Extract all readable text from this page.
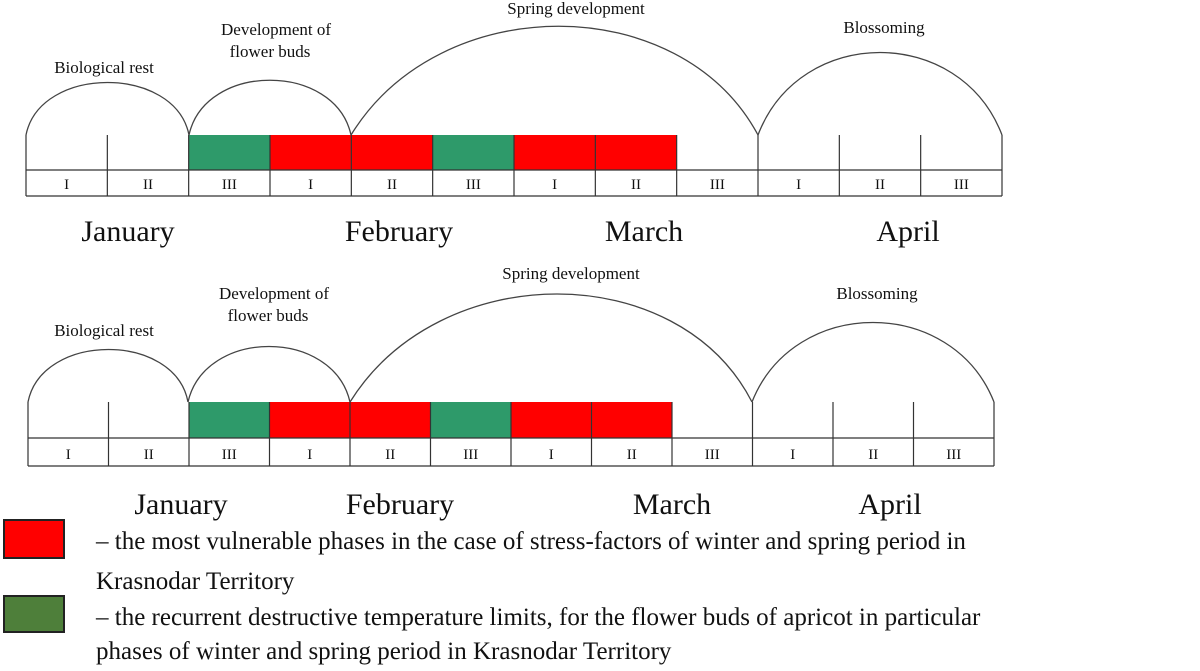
Biological rest
Development of
flower buds
Spring development
Blossoming
I	II	III	I	II	III	I	II	III	I	II	III
January	February	March	April
Biological rest
Development of
flower buds
Spring development
Blossoming
I	II	III	I	II	III	I	II	III	I	II	III
January	February	March	April
– the most vulnerable phases in the case of stress-factors of winter and spring period in
Krasnodar Territory
– the recurrent destructive temperature limits, for the flower buds of apricot in particular
phases of winter and spring period in Krasnodar Territory
